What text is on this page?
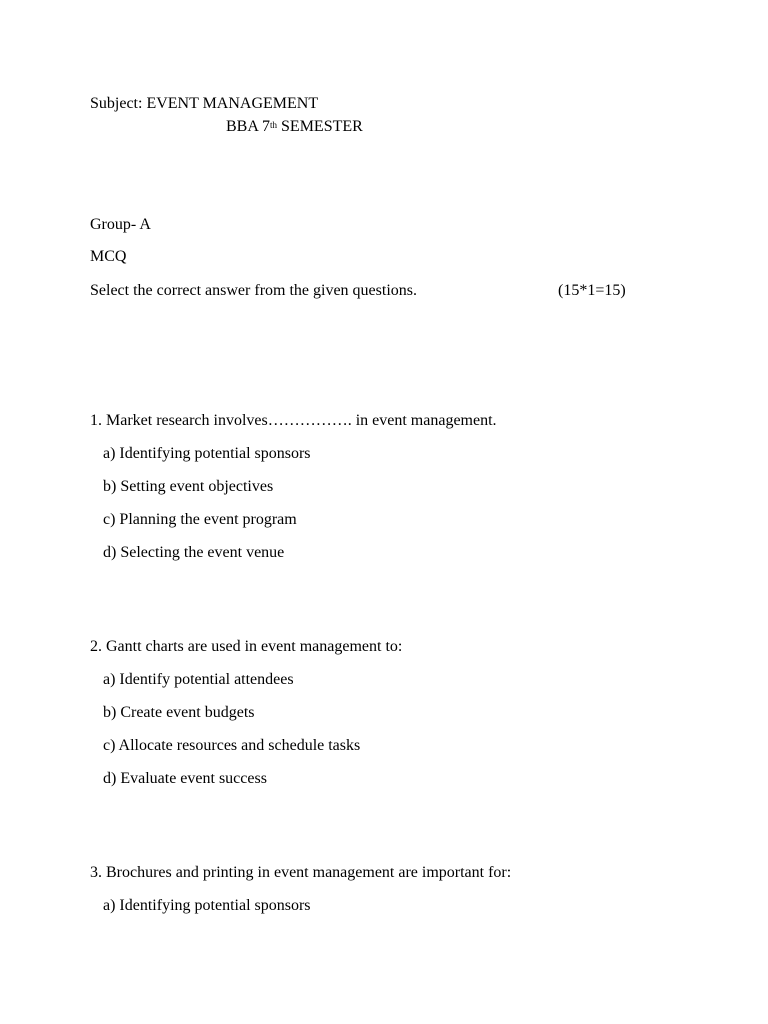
Subject: EVENT MANAGEMENT
BBA 7th SEMESTER
Group- A
MCQ
Select the correct answer from the given questions.	(15*1=15)
1. Market research involves……………. in event management.
a) Identifying potential sponsors
b) Setting event objectives
c) Planning the event program
d) Selecting the event venue
2. Gantt charts are used in event management to:
a) Identify potential attendees
b) Create event budgets
c) Allocate resources and schedule tasks
d) Evaluate event success
3. Brochures and printing in event management are important for:
a) Identifying potential sponsors
